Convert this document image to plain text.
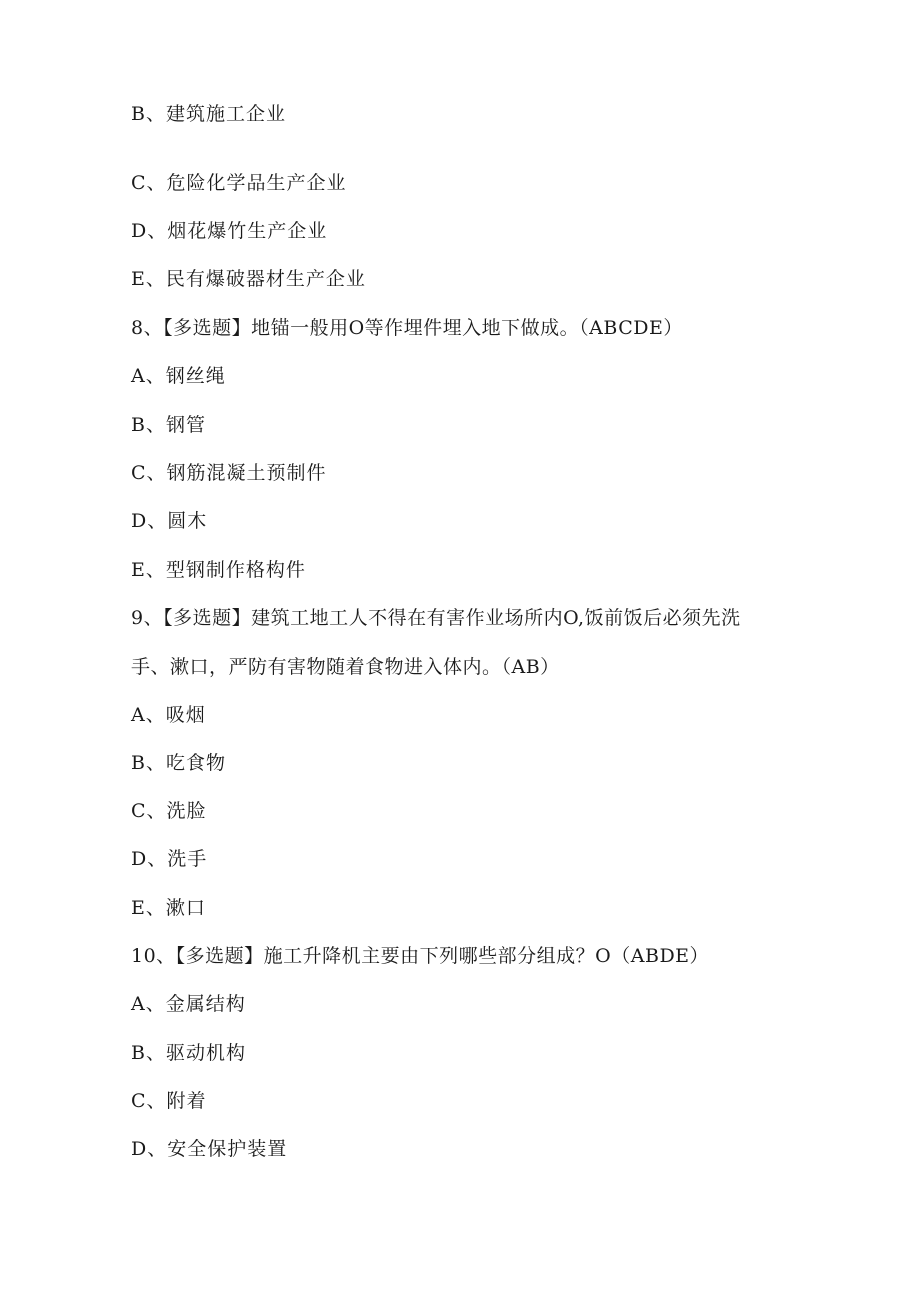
B、建筑施工企业
C、危险化学品生产企业
D、烟花爆竹生产企业
E、民有爆破器材生产企业
8、【多选题】地锚一般用O等作埋件埋入地下做成。（ABCDE）
A、钢丝绳
B、钢管
C、钢筋混凝土预制件
D、圆木
E、型钢制作格构件
9、【多选题】建筑工地工人不得在有害作业场所内O,饭前饭后必须先洗
手、漱口，严防有害物随着食物进入体内。（AB）
A、吸烟
B、吃食物
C、洗脸
D、洗手
E、漱口
10、【多选题】施工升降机主要由下列哪些部分组成？O（ABDE）
A、金属结构
B、驱动机构
C、附着
D、安全保护装置
